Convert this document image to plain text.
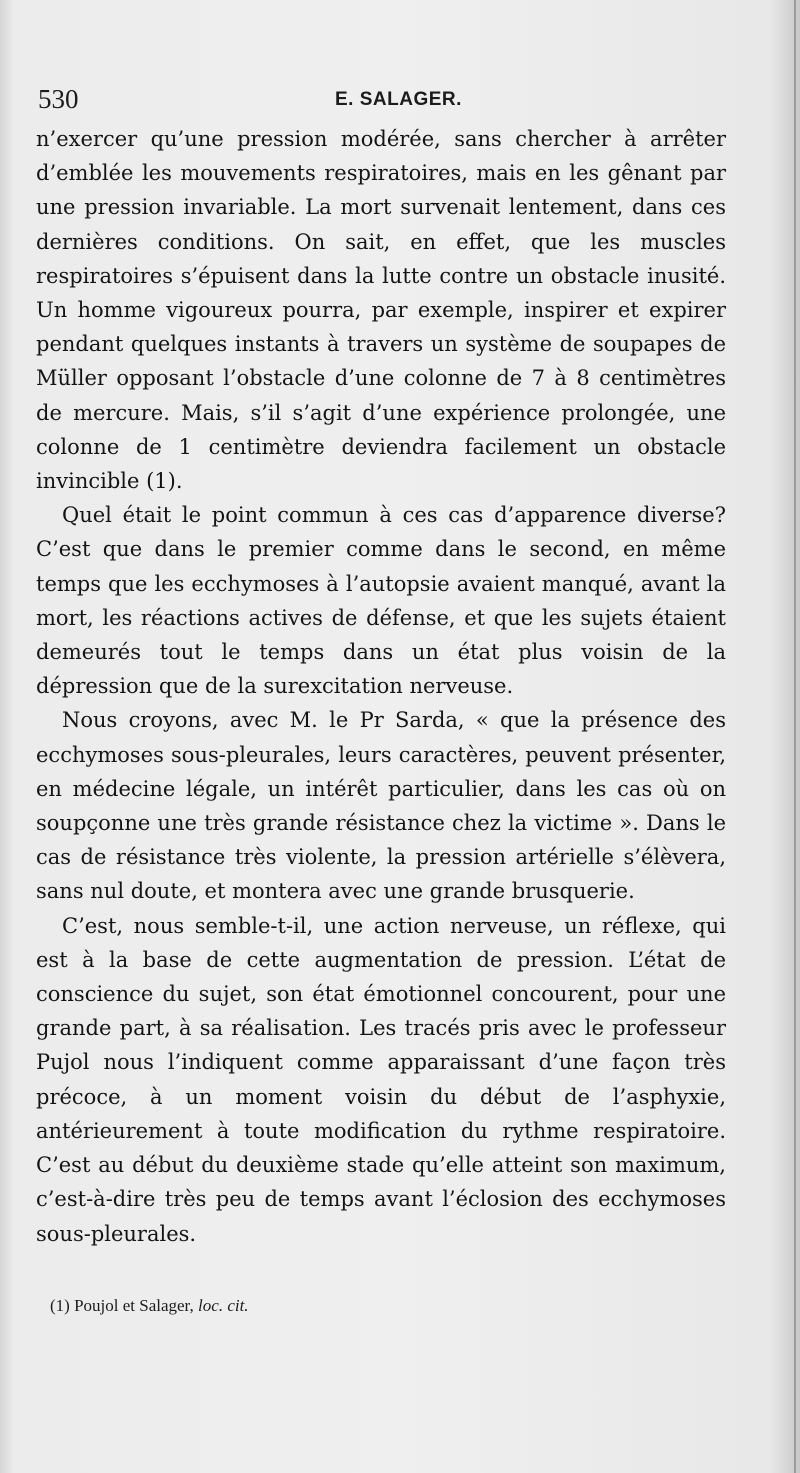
530	E. SALAGER.

n’exercer qu’une pression modérée, sans chercher à arrêter d’emblée les mouvements respiratoires, mais en les gênant par une pression invariable. La mort survenait lentement, dans ces dernières conditions. On sait, en effet, que les muscles respiratoires s’épuisent dans la lutte contre un obstacle inusité. Un homme vigoureux pourra, par exemple, inspirer et expirer pendant quelques instants à travers un système de soupapes de Müller opposant l’obstacle d’une colonne de 7 à 8 centimètres de mercure. Mais, s’il s’agit d’une expérience prolongée, une colonne de 1 centimètre deviendra facilement un obstacle invincible (1).

Quel était le point commun à ces cas d’apparence diverse? C’est que dans le premier comme dans le second, en même temps que les ecchymoses à l’autopsie avaient manqué, avant la mort, les réactions actives de défense, et que les sujets étaient demeurés tout le temps dans un état plus voisin de la dépression que de la surexcitation nerveuse.

Nous croyons, avec M. le Pr Sarda, « que la présence des ecchymoses sous-pleurales, leurs caractères, peuvent présenter, en médecine légale, un intérêt particulier, dans les cas où on soupçonne une très grande résistance chez la victime ». Dans le cas de résistance très violente, la pression artérielle s’élèvera, sans nul doute, et montera avec une grande brusquerie.

C’est, nous semble-t-il, une action nerveuse, un réflexe, qui est à la base de cette augmentation de pression. L’état de conscience du sujet, son état émotionnel concourent, pour une grande part, à sa réalisation. Les tracés pris avec le professeur Pujol nous l’indiquent comme apparaissant d’une façon très précoce, à un moment voisin du début de l’asphyxie, antérieurement à toute modification du rythme respiratoire. C’est au début du deuxième stade qu’elle atteint son maximum, c’est-à-dire très peu de temps avant l’éclosion des ecchymoses sous-pleurales.

(1) Poujol et Salager, loc. cit.
